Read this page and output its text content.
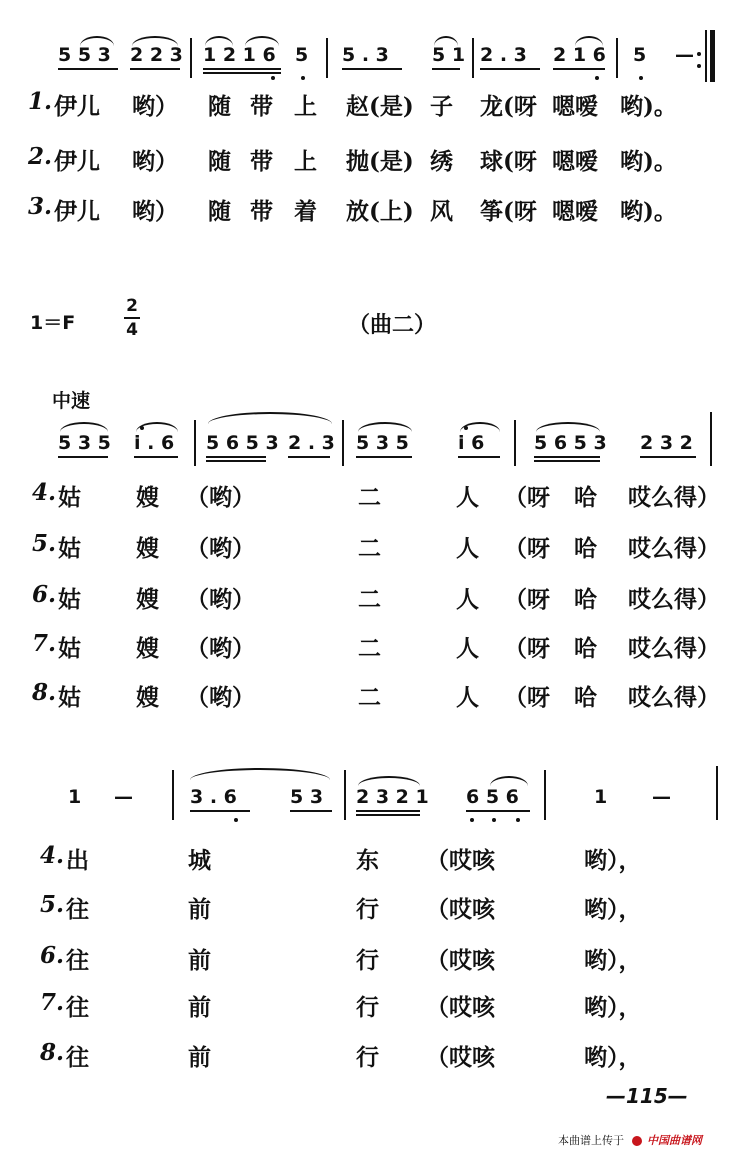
5 5 3 2 2 3 1 2 1 6 5 5 . 3 5 1 2 . 3 2 1 6 5 —
1. 伊儿 哟） 随 带 上 赵(是) 子 龙(呀 嗯嗳 哟)。
2. 伊儿 哟） 随 带 上 抛(是) 绣 球(呀 嗯嗳 哟)。
3. 伊儿 哟） 随 带 着 放(上) 风 筝(呀 嗯嗳 哟)。
1＝F
2
4	（曲二）
中速
5 3 5 i . 6 5 6 5 3 2 . 3 5 3 5	i 6	5 6 5 3 2 3 2
4. 姑 嫂 （哟）	二	人 （呀 哈 哎么得）
5. 姑 嫂 （哟）	二	人 （呀 哈 哎么得）
6. 姑 嫂 （哟）	二	人 （呀 哈 哎么得）
7. 姑 嫂 （哟）	二	人 （呀 哈 哎么得）
8. 姑 嫂 （哟）	二	人 （呀 哈 哎么得）
1 —	3 . 6	5 3 2 3 2 1 6 5 6	1 —
4. 出	城	东 （哎咳	哟），
5. 往	前	行 （哎咳	哟），
6. 往	前	行 （哎咳	哟），
7. 往	前	行 （哎咳	哟），
8. 往	前	行 （哎咳	哟），
—115—
本曲谱上传于 中国曲谱网
